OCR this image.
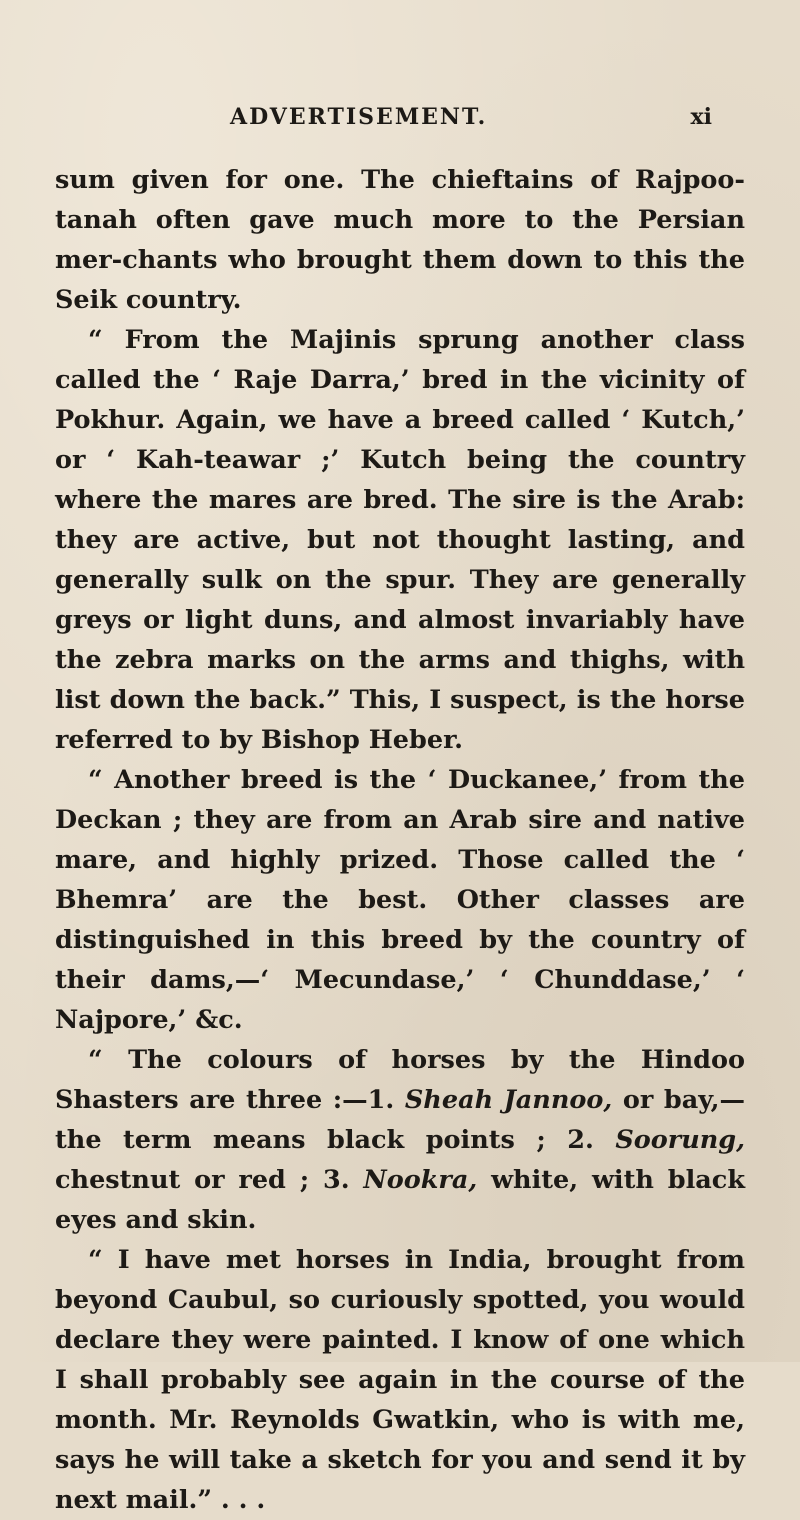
ADVERTISEMENT.	xi

sum given for one. The chieftains of Rajpoo-tanah often gave much more to the Persian mer-chants who brought them down to this the Seik country.

“ From the Majinis sprung another class called the ‘ Raje Darra,’ bred in the vicinity of Pokhur. Again, we have a breed called ‘ Kutch,’ or ‘ Kah-teawar ;’ Kutch being the country where the mares are bred. The sire is the Arab: they are active, but not thought lasting, and generally sulk on the spur. They are generally greys or light duns, and almost invariably have the zebra marks on the arms and thighs, with list down the back.” This, I suspect, is the horse referred to by Bishop Heber.

“ Another breed is the ‘ Duckanee,’ from the Deckan ; they are from an Arab sire and native mare, and highly prized. Those called the ‘ Bhemra’ are the best. Other classes are distinguished in this breed by the country of their dams,—‘ Mecundase,’ ‘ Chunddase,’ ‘ Najpore,’ &c.

“ The colours of horses by the Hindoo Shasters are three :—1. Sheah Jannoo, or bay,—the term means black points ; 2. Soorung, chestnut or red ; 3. Nookra, white, with black eyes and skin.

“ I have met horses in India, brought from beyond Caubul, so curiously spotted, you would declare they were painted. I know of one which I shall probably see again in the course of the month. Mr. Reynolds Gwatkin, who is with me, says he will take a sketch for you and send it by next mail.” . . .
